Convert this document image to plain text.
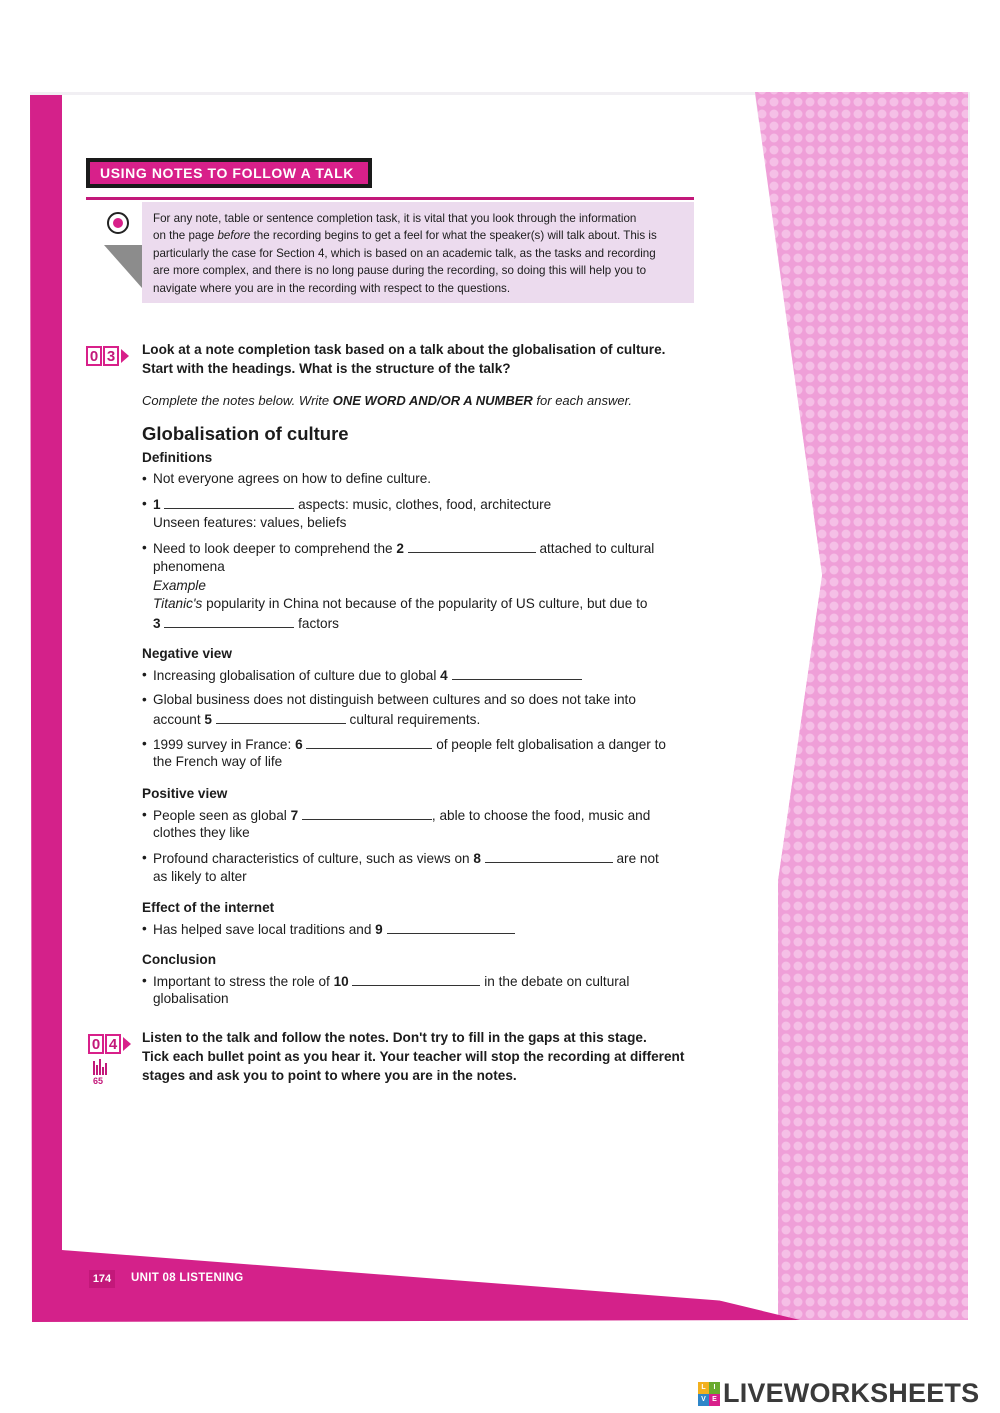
USING NOTES TO FOLLOW A TALK
For any note, table or sentence completion task, it is vital that you look through the information
on the page before the recording begins to get a feel for what the speaker(s) will talk about. This is
particularly the case for Section 4, which is based on an academic talk, as the tasks and recording
are more complex, and there is no long pause during the recording, so doing this will help you to
navigate where you are in the recording with respect to the questions.
0 3 Look at a note completion task based on a talk about the globalisation of culture.
Start with the headings. What is the structure of the talk?
Complete the notes below. Write ONE WORD AND/OR A NUMBER for each answer.
Globalisation of culture
Definitions
• Not everyone agrees on how to define culture.
• 1	aspects: music, clothes, food, architecture
Unseen features: values, beliefs
• Need to look deeper to comprehend the 2	attached to cultural
phenomena
Example
Titanic's popularity in China not because of the popularity of US culture, but due to
3	factors
Negative view
• Increasing globalisation of culture due to global 4
• Global business does not distinguish between cultures and so does not take into
account 5	cultural requirements.
• 1999 survey in France: 6	of people felt globalisation a danger to
the French way of life
Positive view
• People seen as global 7	, able to choose the food, music and
clothes they like
• Profound characteristics of culture, such as views on 8	are not
as likely to alter
Effect of the internet
• Has helped save local traditions and 9
Conclusion
• Important to stress the role of 10	in the debate on cultural
globalisation
0 4
65
Listen to the talk and follow the notes. Don't try to fill in the gaps at this stage.
Tick each bullet point as you hear it. Your teacher will stop the recording at different
stages and ask you to point to where you are in the notes.
174	UNIT 08 LISTENING
L	I
V E LIVEWORKSHEETS
